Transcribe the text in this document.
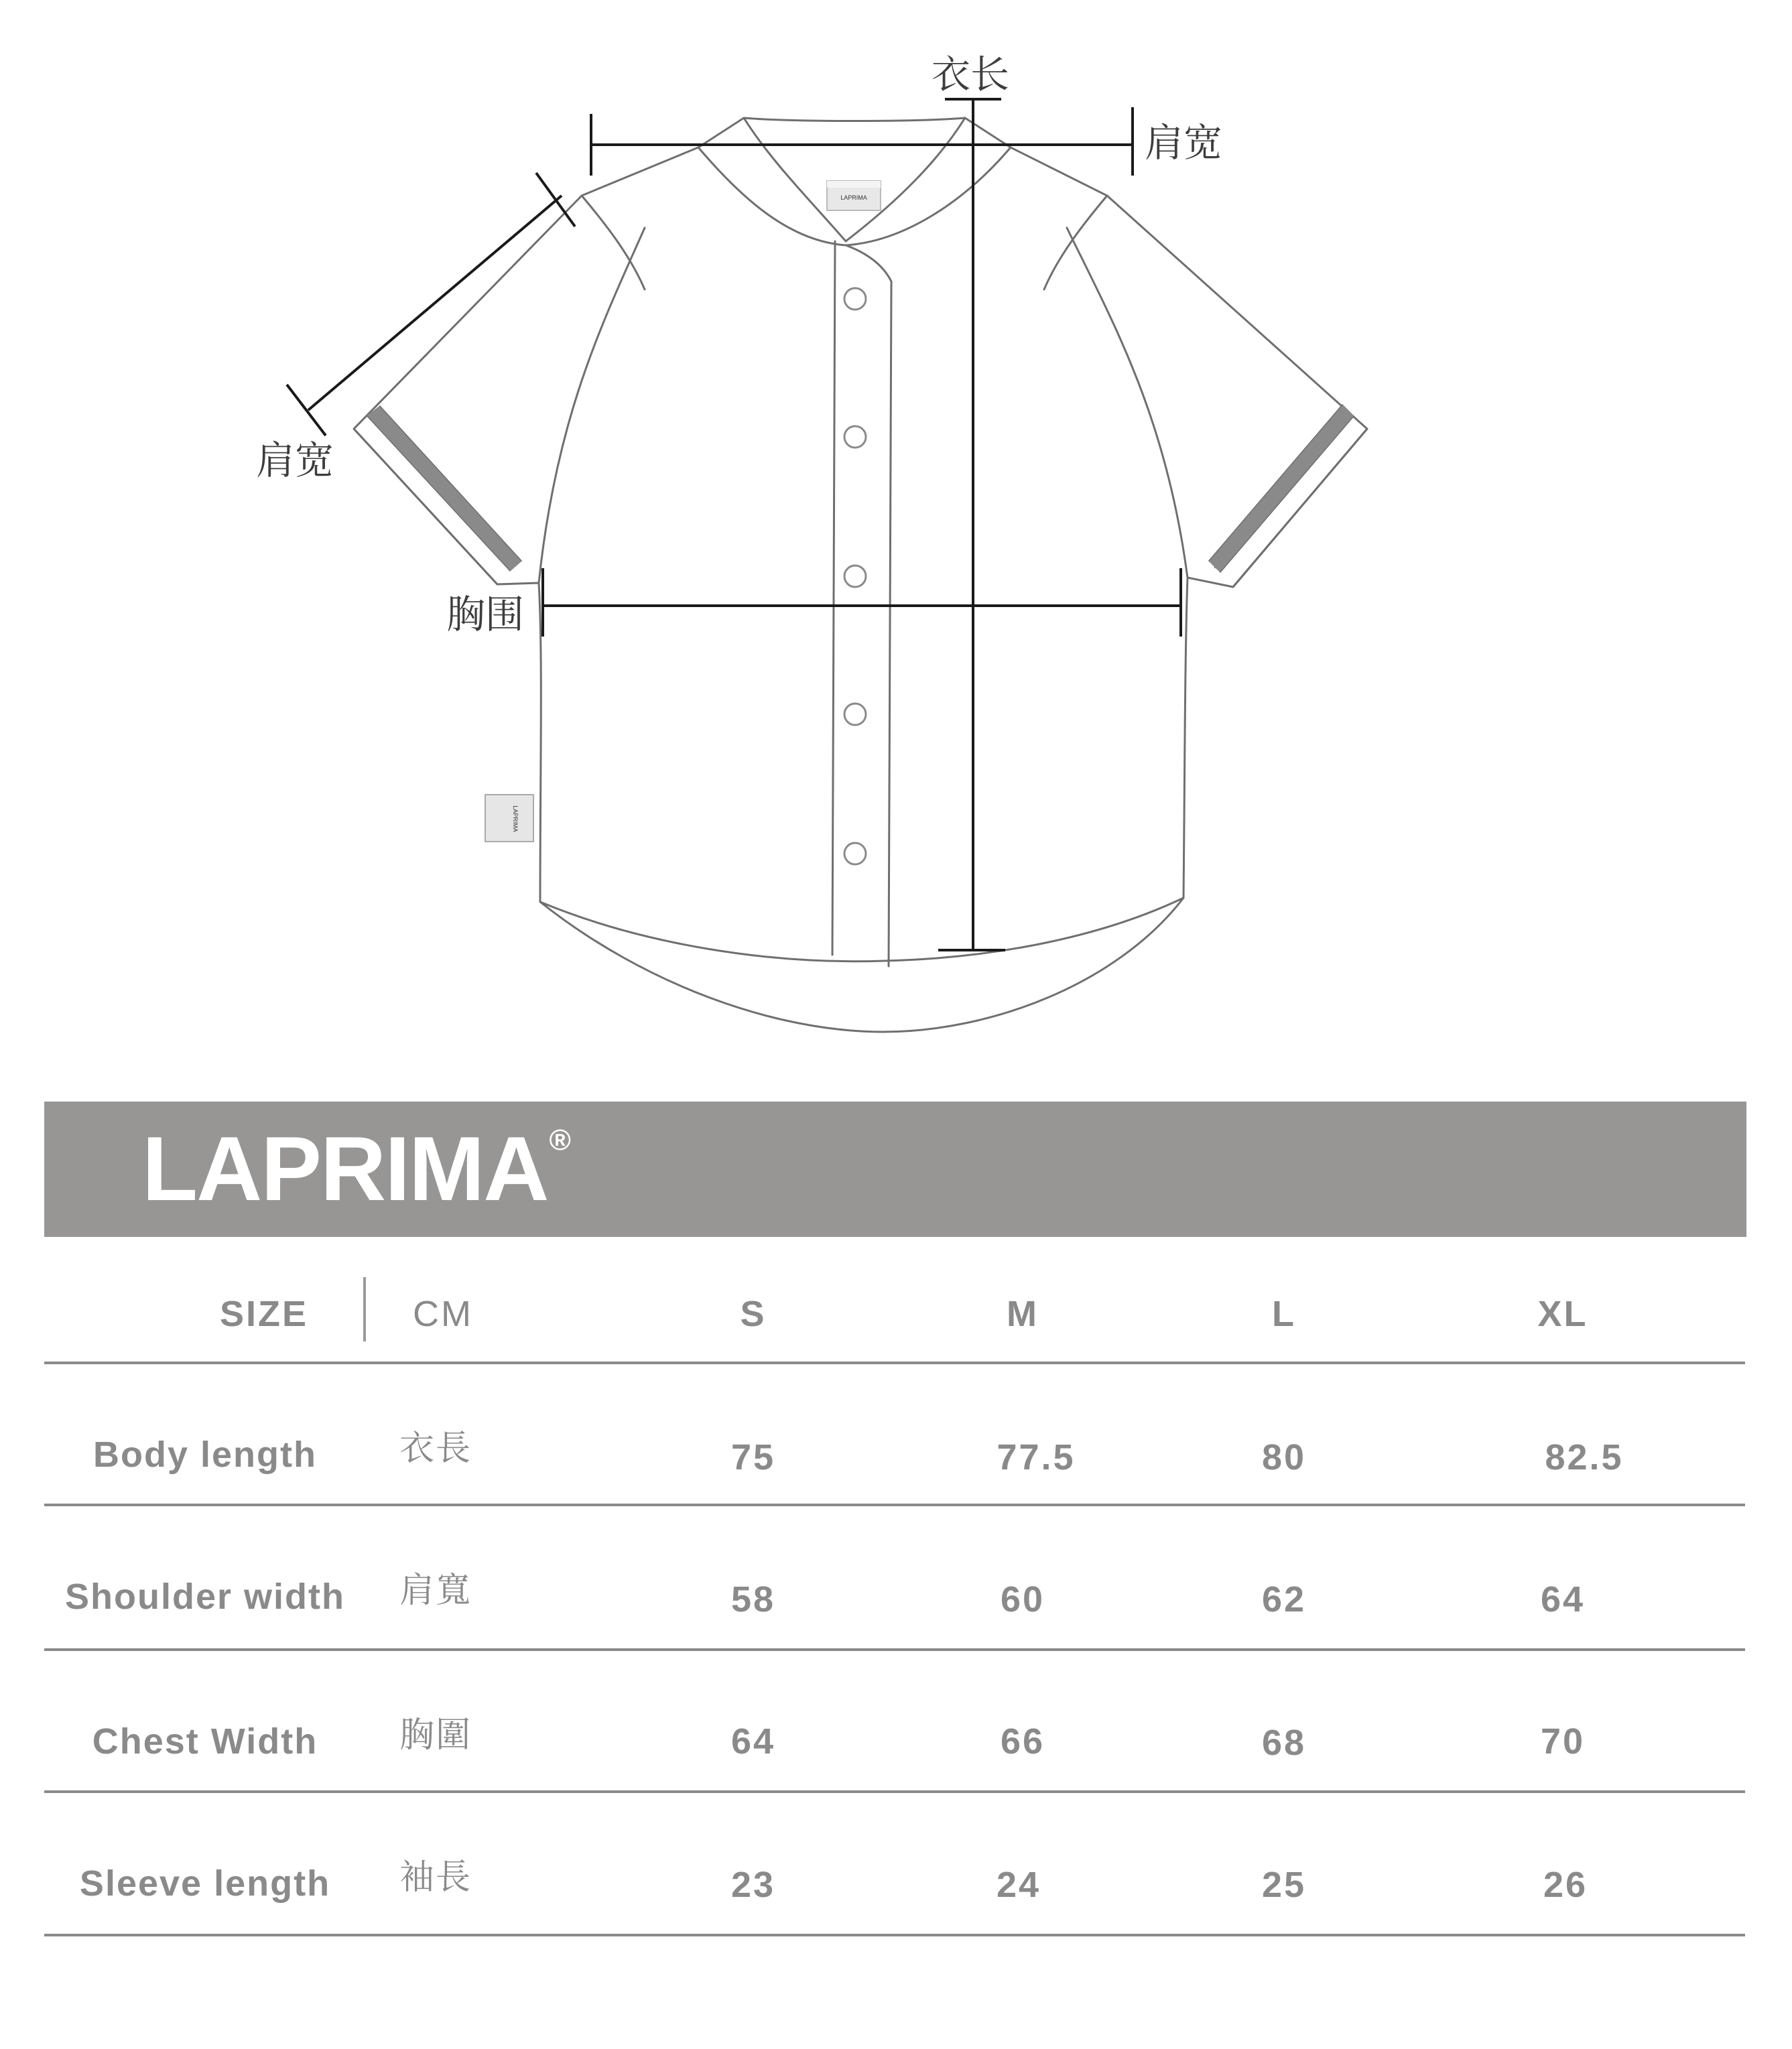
LAPRIMA
LAPRIMA
衣长
肩宽
肩宽
胸围
LAPRIMA®
SIZE	CM	S	M	L	XL
Body length 衣長	75	77.5	80	82.5
Shoulder width 肩寬	58	60	62	64
Chest Width 胸圍	64	66	68	70
Sleeve length 袖長	23	24	25	26
